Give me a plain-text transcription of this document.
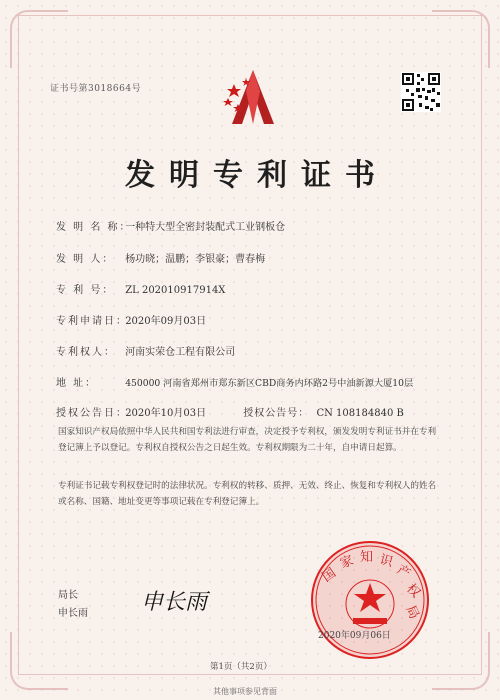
证书号第3018664号
发明专利证书
发 明 名 称： 一种特大型全密封装配式工业钢板仓
发 明 人： 杨功晓；温鹏；李银豪；曹春梅
专 利 号： ZL 202010917914X
专利申请日： 2020年09月03日
专利权人： 河南实荣仓工程有限公司
地 址：	450000 河南省郑州市郑东新区CBD商务内环路2号中油新源大厦10层
授权公告日： 2020年10月03日	授权公告号： CN 108184840 B
国家知识产权局依照中华人民共和国专利法进行审查，决定授予专利权，颁发发明专利证书并在专利登记簿上予以登记。专利权自授权公告之日起生效。专利权期限为二十年，自申请日起算。
专利证书记载专利权登记时的法律状况。专利权的转移、质押、无效、终止、恢复和专利权人的姓名或名称、国籍、地址变更等事项记载在专利登记簿上。
局长
申长雨 申长雨
国
家 知 识
产
权
局
2020年09月06日
第1页（共2页）
其他事项参见背面
